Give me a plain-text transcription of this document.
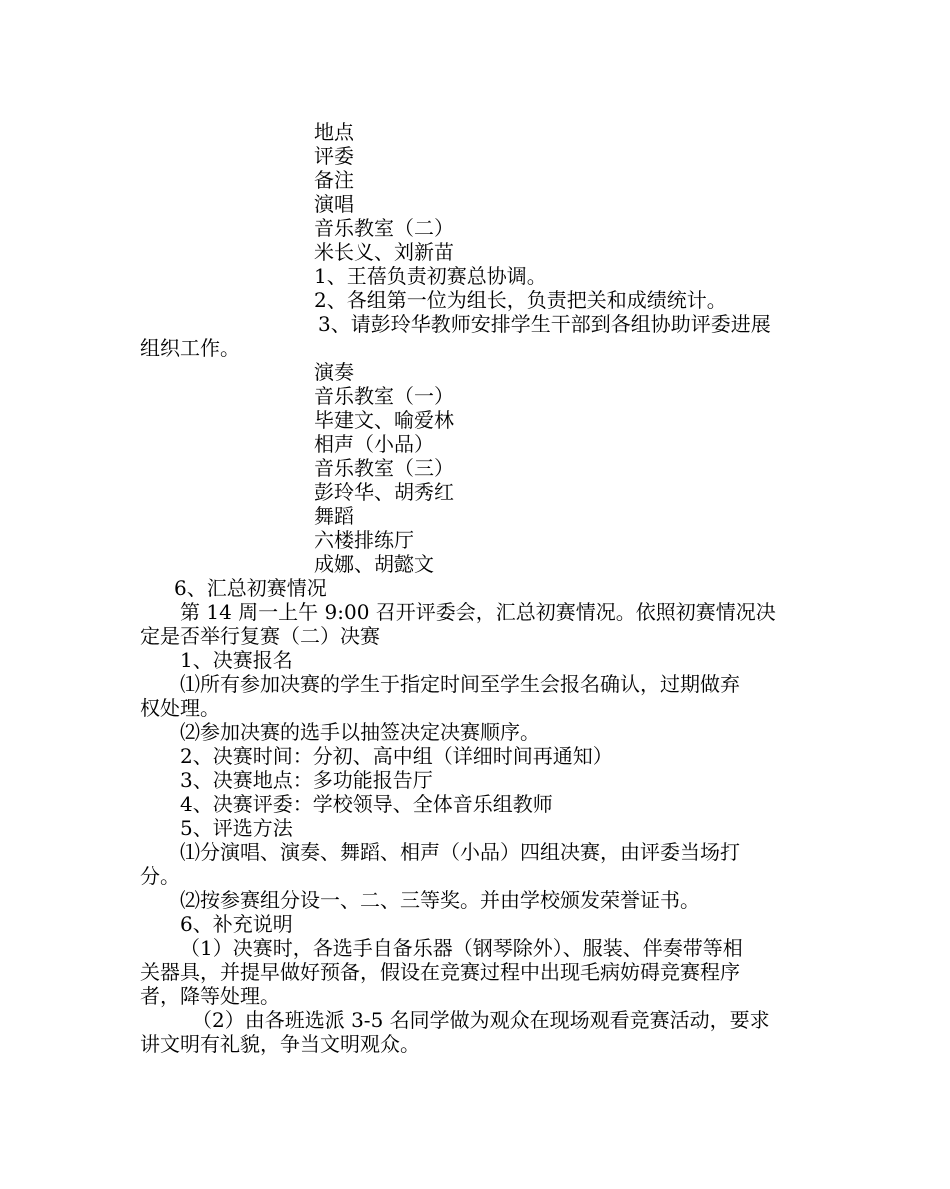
地点
评委
备注
演唱
音乐教室（二）
米长义、刘新苗
1、王蓓负责初赛总协调。
2、各组第一位为组长，负责把关和成绩统计。
3、请彭玲华教师安排学生干部到各组协助评委进展
组织工作。
演奏
音乐教室（一）
毕建文、喻爱林
相声（小品）
音乐教室（三）
彭玲华、胡秀红
舞蹈
六楼排练厅
成娜、胡懿文
6、汇总初赛情况
第 14 周一上午 9:00 召开评委会，汇总初赛情况。依照初赛情况决
定是否举行复赛（二）决赛
1、决赛报名
⑴所有参加决赛的学生于指定时间至学生会报名确认，过期做弃
权处理。
⑵参加决赛的选手以抽签决定决赛顺序。
2、决赛时间：分初、高中组（详细时间再通知）
3、决赛地点：多功能报告厅
4、决赛评委：学校领导、全体音乐组教师
5、评选方法
⑴分演唱、演奏、舞蹈、相声（小品）四组决赛，由评委当场打
分。
⑵按参赛组分设一、二、三等奖。并由学校颁发荣誉证书。
6、补充说明
（1）决赛时，各选手自备乐器（钢琴除外）、服装、伴奏带等相
关器具，并提早做好预备，假设在竞赛过程中出现毛病妨碍竞赛程序
者，降等处理。
（2）由各班选派 3-5 名同学做为观众在现场观看竞赛活动，要求
讲文明有礼貌，争当文明观众。
